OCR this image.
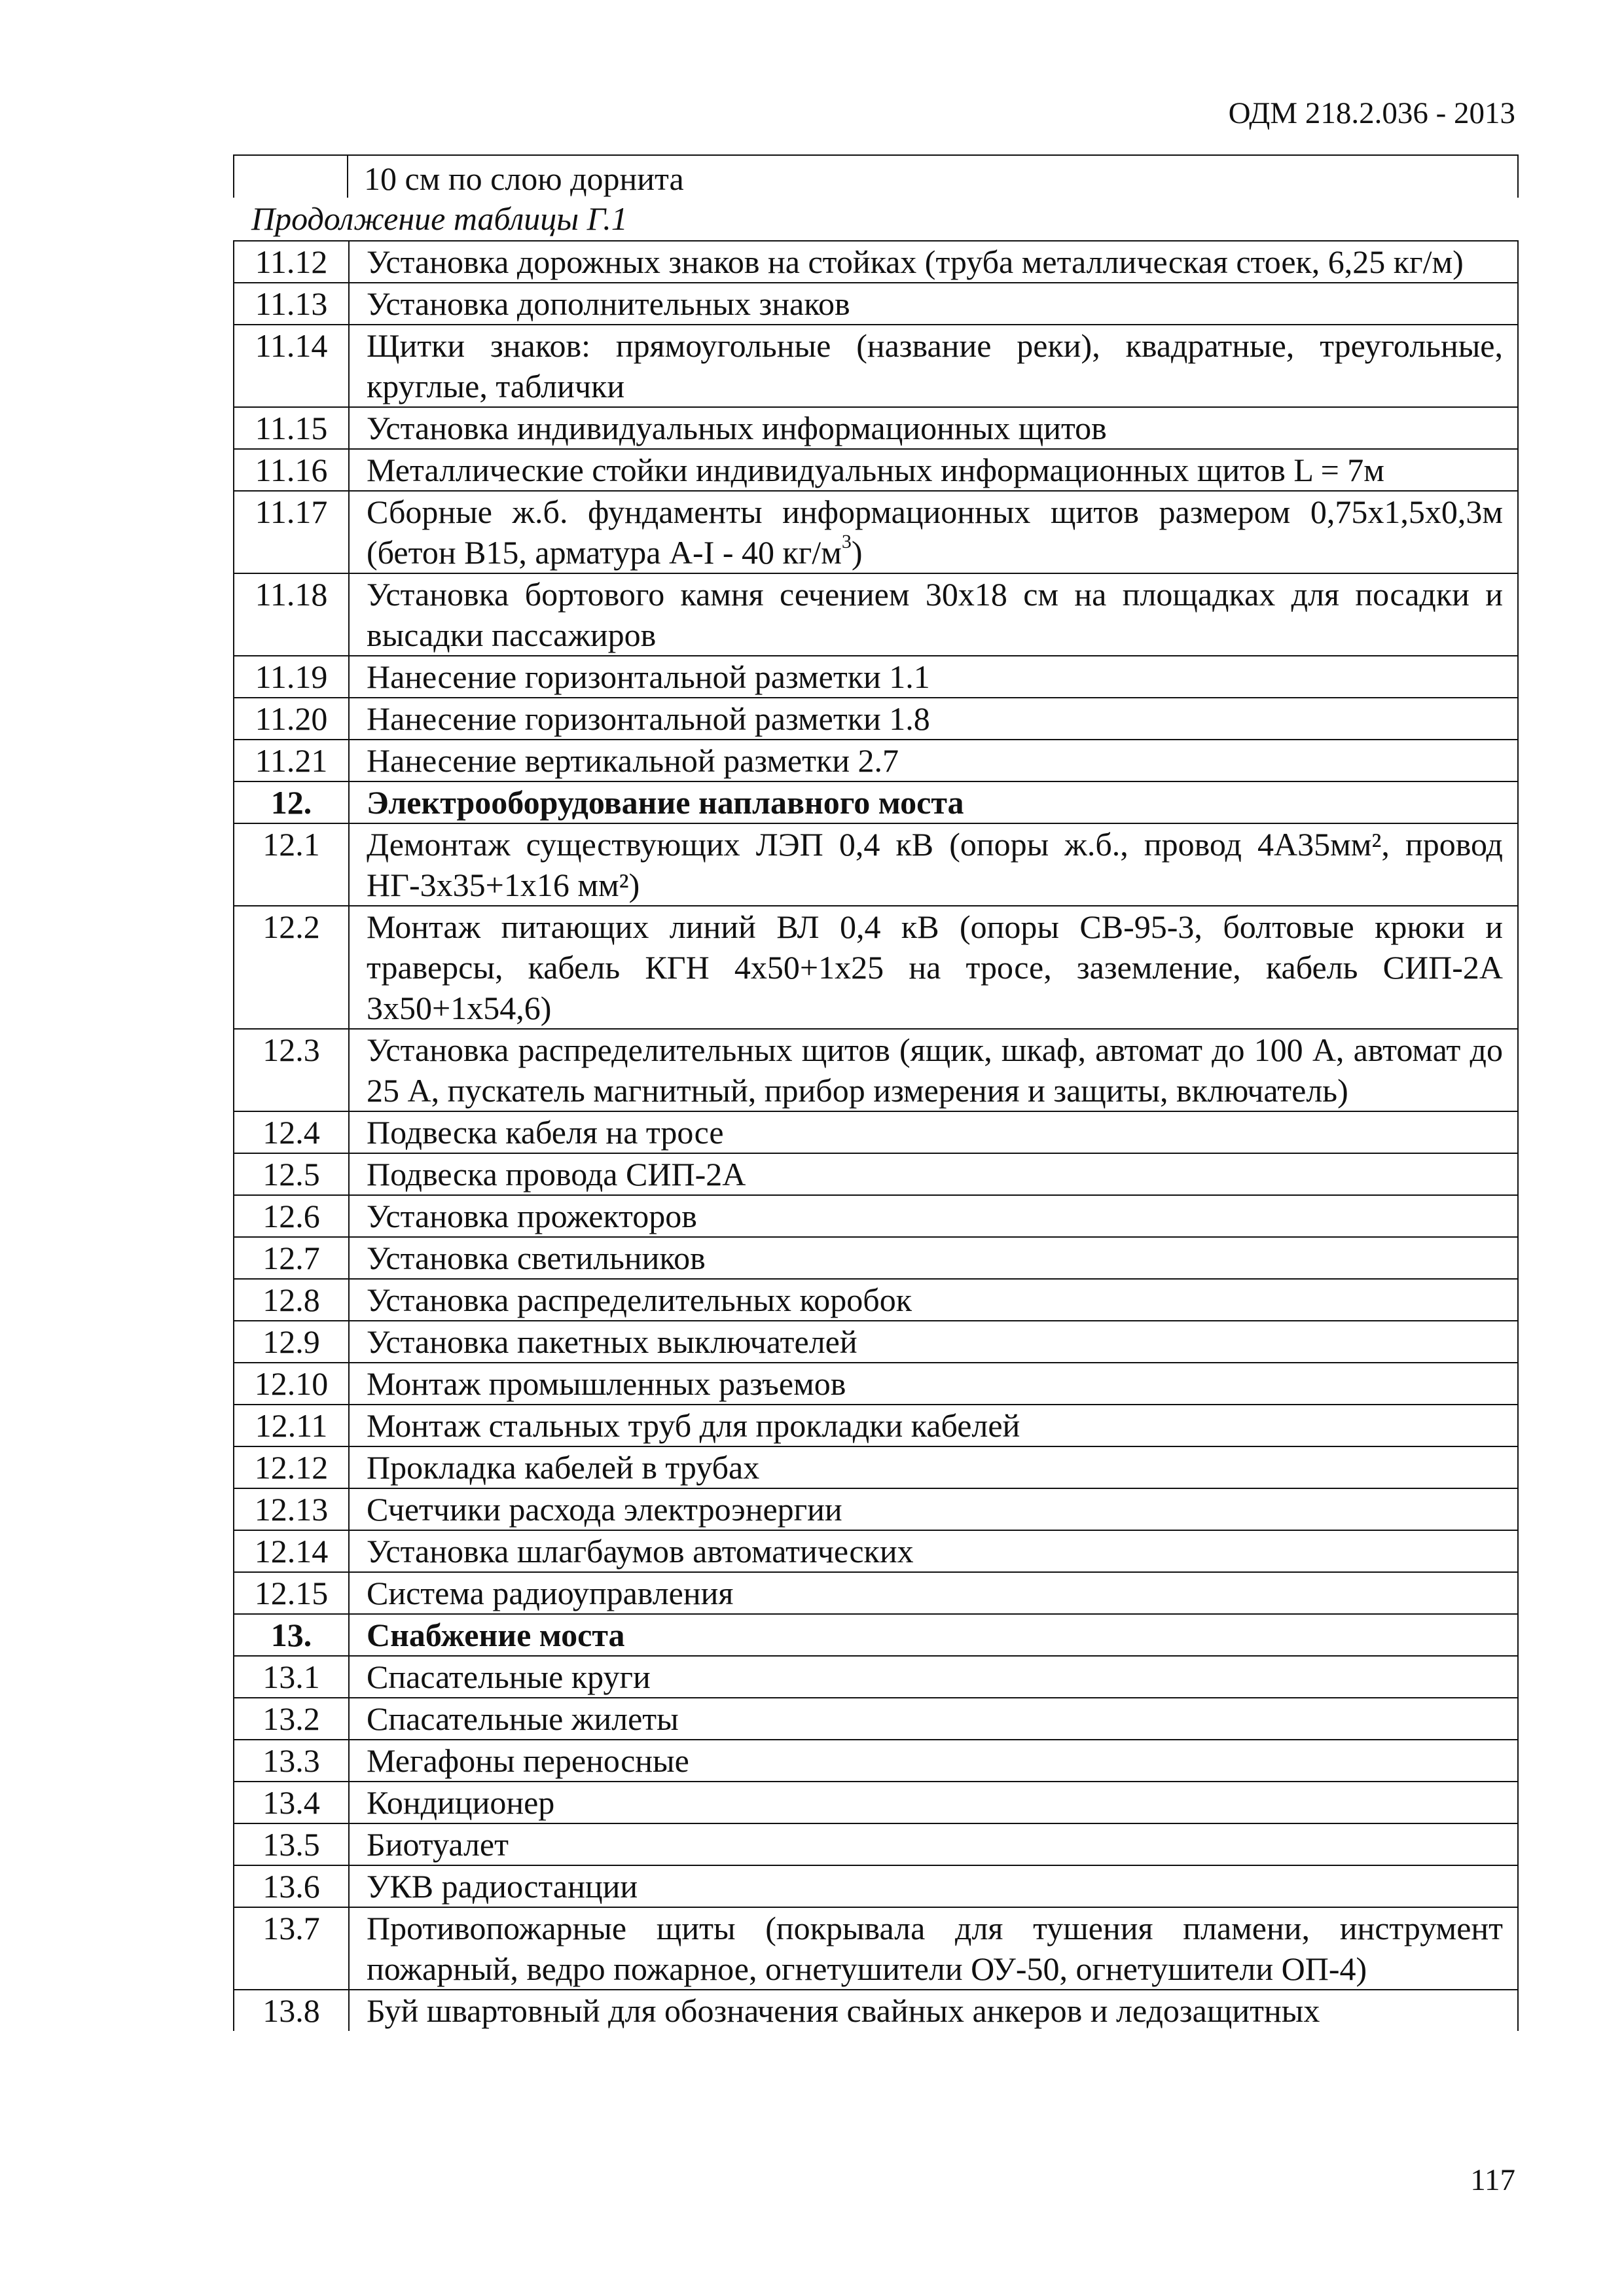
ОДМ 218.2.036 - 2013
10 см по слою дорнита
Продолжение таблицы Г.1
11.12	Установка дорожных знаков на стойках (труба металлическая стоек, 6,25 кг/м)
11.13	Установка дополнительных знаков
11.14	Щитки знаков: прямоугольные (название реки), квадратные, треугольные, круглые, таблички
11.15	Установка индивидуальных информационных щитов
11.16	Металлические стойки индивидуальных информационных щитов L = 7м
11.17	Сборные ж.б. фундаменты информационных щитов размером 0,75х1,5х0,3м (бетон В15, арматура А-I - 40 $кг/м^3$)
11.18	Установка бортового камня сечением 30х18 см на площадках для посадки и высадки пассажиров
11.19	Нанесение горизонтальной разметки 1.1
11.20	Нанесение горизонтальной разметки 1.8
11.21	Нанесение вертикальной разметки 2.7
12.	Электрооборудование наплавного моста
12.1	Демонтаж существующих ЛЭП 0,4 кВ (опоры ж.б., провод 4А35мм², провод НГ-3х35+1х16 мм²)
12.2	Монтаж питающих линий ВЛ 0,4 кВ (опоры СВ-95-3, болтовые крюки и траверсы, кабель КГН 4х50+1х25 на тросе, заземление, кабель СИП-2А 3х50+1х54,6)
12.3	Установка распределительных щитов (ящик, шкаф, автомат до 100 А, автомат до 25 А, пускатель магнитный, прибор измерения и защиты, включатель)
12.4	Подвеска кабеля на тросе
12.5	Подвеска провода СИП-2А
12.6	Установка прожекторов
12.7	Установка светильников
12.8	Установка распределительных коробок
12.9	Установка пакетных выключателей
12.10	Монтаж промышленных разъемов
12.11	Монтаж стальных труб для прокладки кабелей
12.12	Прокладка кабелей в трубах
12.13	Счетчики расхода электроэнергии
12.14	Установка шлагбаумов автоматических
12.15	Система радиоуправления
13.	Снабжение моста
13.1	Спасательные круги
13.2	Спасательные жилеты
13.3	Мегафоны переносные
13.4	Кондиционер
13.5	Биотуалет
13.6	УКВ радиостанции
13.7	Противопожарные щиты (покрывала для тушения пламени, инструмент пожарный, ведро пожарное, огнетушители ОУ-50, огнетушители ОП-4)
13.8	Буй швартовный для обозначения свайных анкеров и ледозащитных
117
